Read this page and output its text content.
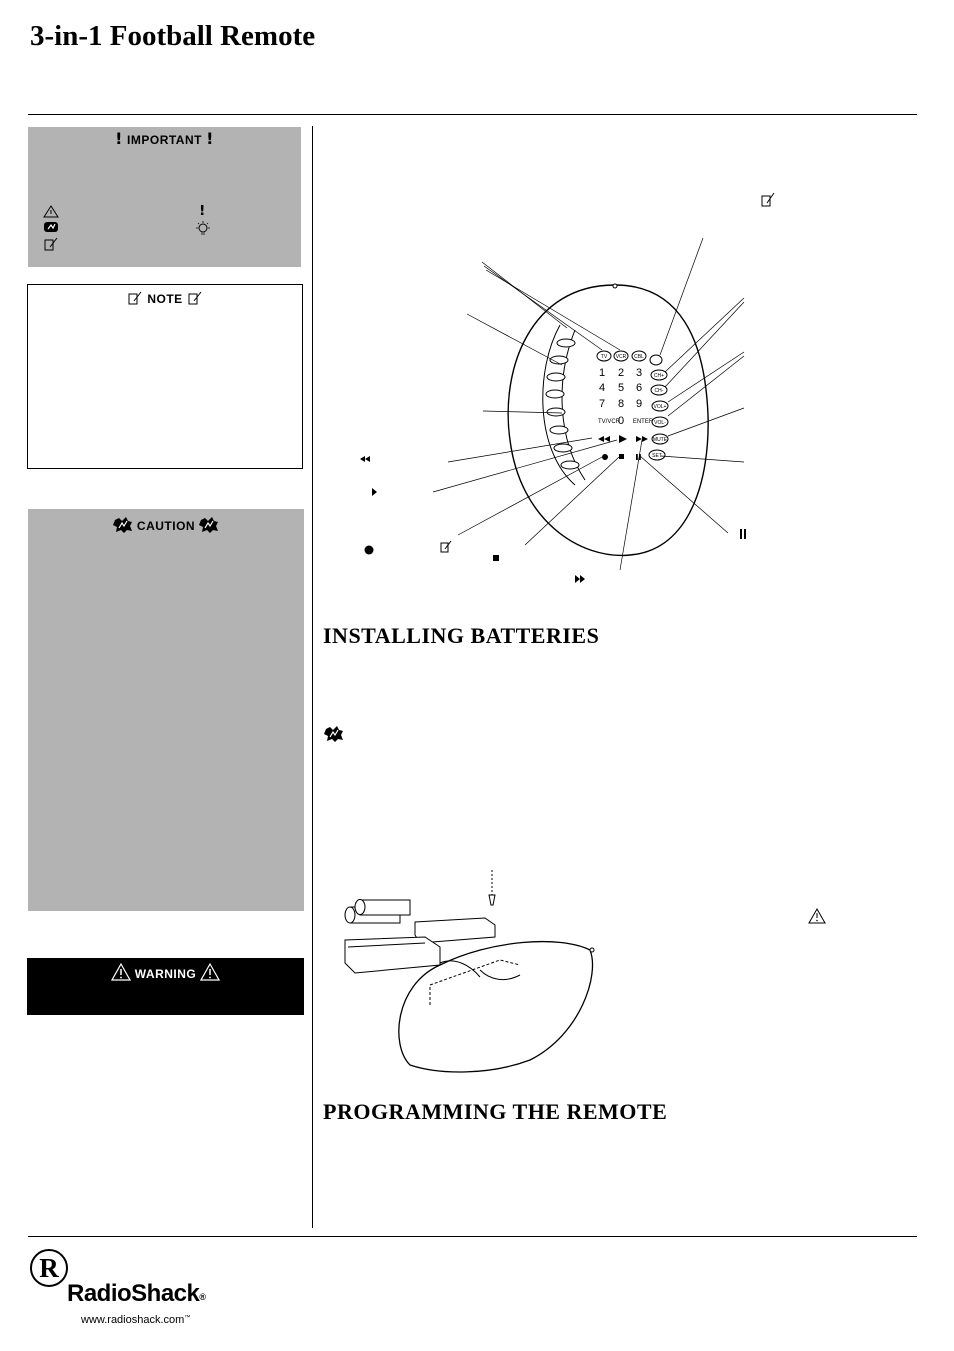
3-in-1 Football Remote
! IMPORTANT !
!
NOTE
CAUTION
WARNING
TV VCR CBL
1 2 3
4 5 6
7 8 9
0
TV/VCR ENTER
CH+
CH-
VOL+
VOL-
MUTE
SET
INSTALLING BATTERIES
PROGRAMMING THE REMOTE
R
RadioShack®
www.radioshack.com™
